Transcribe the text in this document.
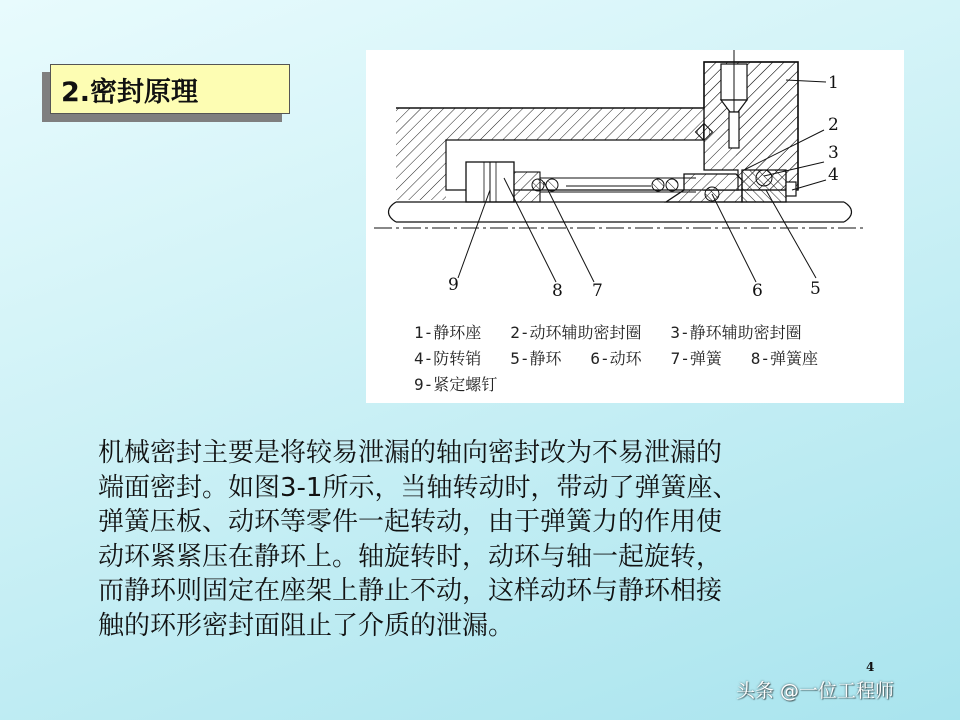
2.密封原理	1
2
3
4
9	8 7	6	5
1-静环座 2-动环辅助密封圈 3-静环辅助密封圈
4-防转销 5-静环 6-动环 7-弹簧 8-弹簧座
9-紧定螺钉
机械密封主要是将较易泄漏的轴向密封改为不易泄漏的
端面密封。如图3-1所示，当轴转动时，带动了弹簧座、
弹簧压板、动环等零件一起转动，由于弹簧力的作用使
动环紧紧压在静环上。轴旋转时，动环与轴一起旋转，
而静环则固定在座架上静止不动，这样动环与静环相接
触的环形密封面阻止了介质的泄漏。
4
头条 @一位工程师
